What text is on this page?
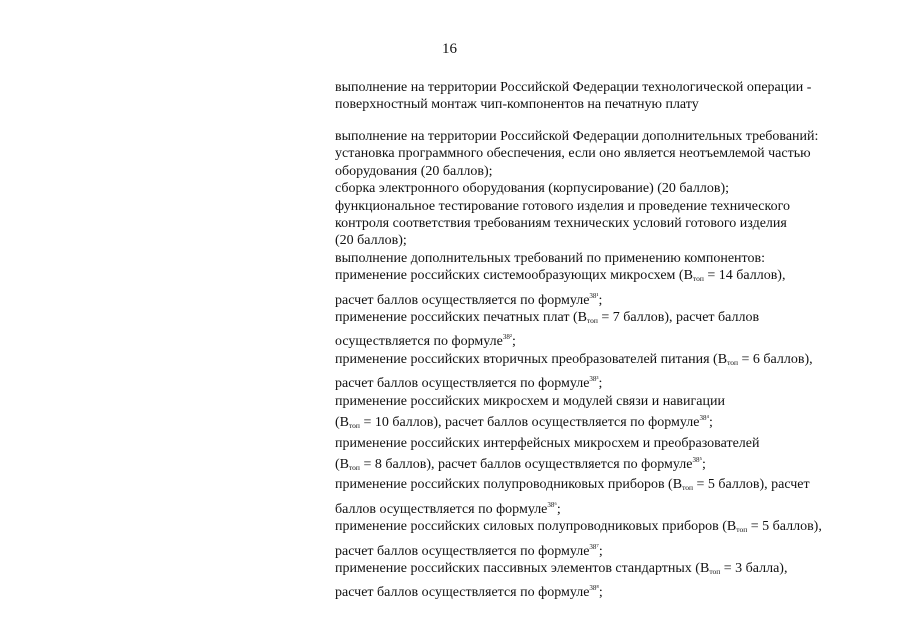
16
выполнение на территории Российской Федерации технологической операции -
поверхностный монтаж чип-компонентов на печатную плату
выполнение на территории Российской Федерации дополнительных требований:
установка программного обеспечения, если оно является неотъемлемой частью
оборудования (20 баллов);
сборка электронного оборудования (корпусирование) (20 баллов);
функциональное тестирование готового изделия и проведение технического
контроля соответствия требованиям технических условий готового изделия
(20 баллов);
выполнение дополнительных требований по применению компонентов:
применение российских системообразующих микросхем ($В_{топ} = 14$ баллов),
расчет баллов осуществляется по формуле$^{38^1}$;
применение российских печатных плат ($В_{топ} = 7$ баллов), расчет баллов
осуществляется по формуле$^{38^2}$;
применение российских вторичных преобразователей питания ($В_{топ} = 6$ баллов),
расчет баллов осуществляется по формуле$^{38^3}$;
применение российских микросхем и модулей связи и навигации
($В_{топ} = 10$ баллов), расчет баллов осуществляется по формуле$^{38^4}$;
применение российских интерфейсных микросхем и преобразователей
($В_{топ} = 8$ баллов), расчет баллов осуществляется по формуле$^{38^5}$;
применение российских полупроводниковых приборов ($В_{топ} = 5$ баллов), расчет
баллов осуществляется по формуле$^{38^6}$;
применение российских силовых полупроводниковых приборов ($В_{топ} = 5$ баллов),
расчет баллов осуществляется по формуле$^{38^7}$;
применение российских пассивных элементов стандартных ($В_{топ} = 3$ балла),
расчет баллов осуществляется по формуле$^{38^8}$;
